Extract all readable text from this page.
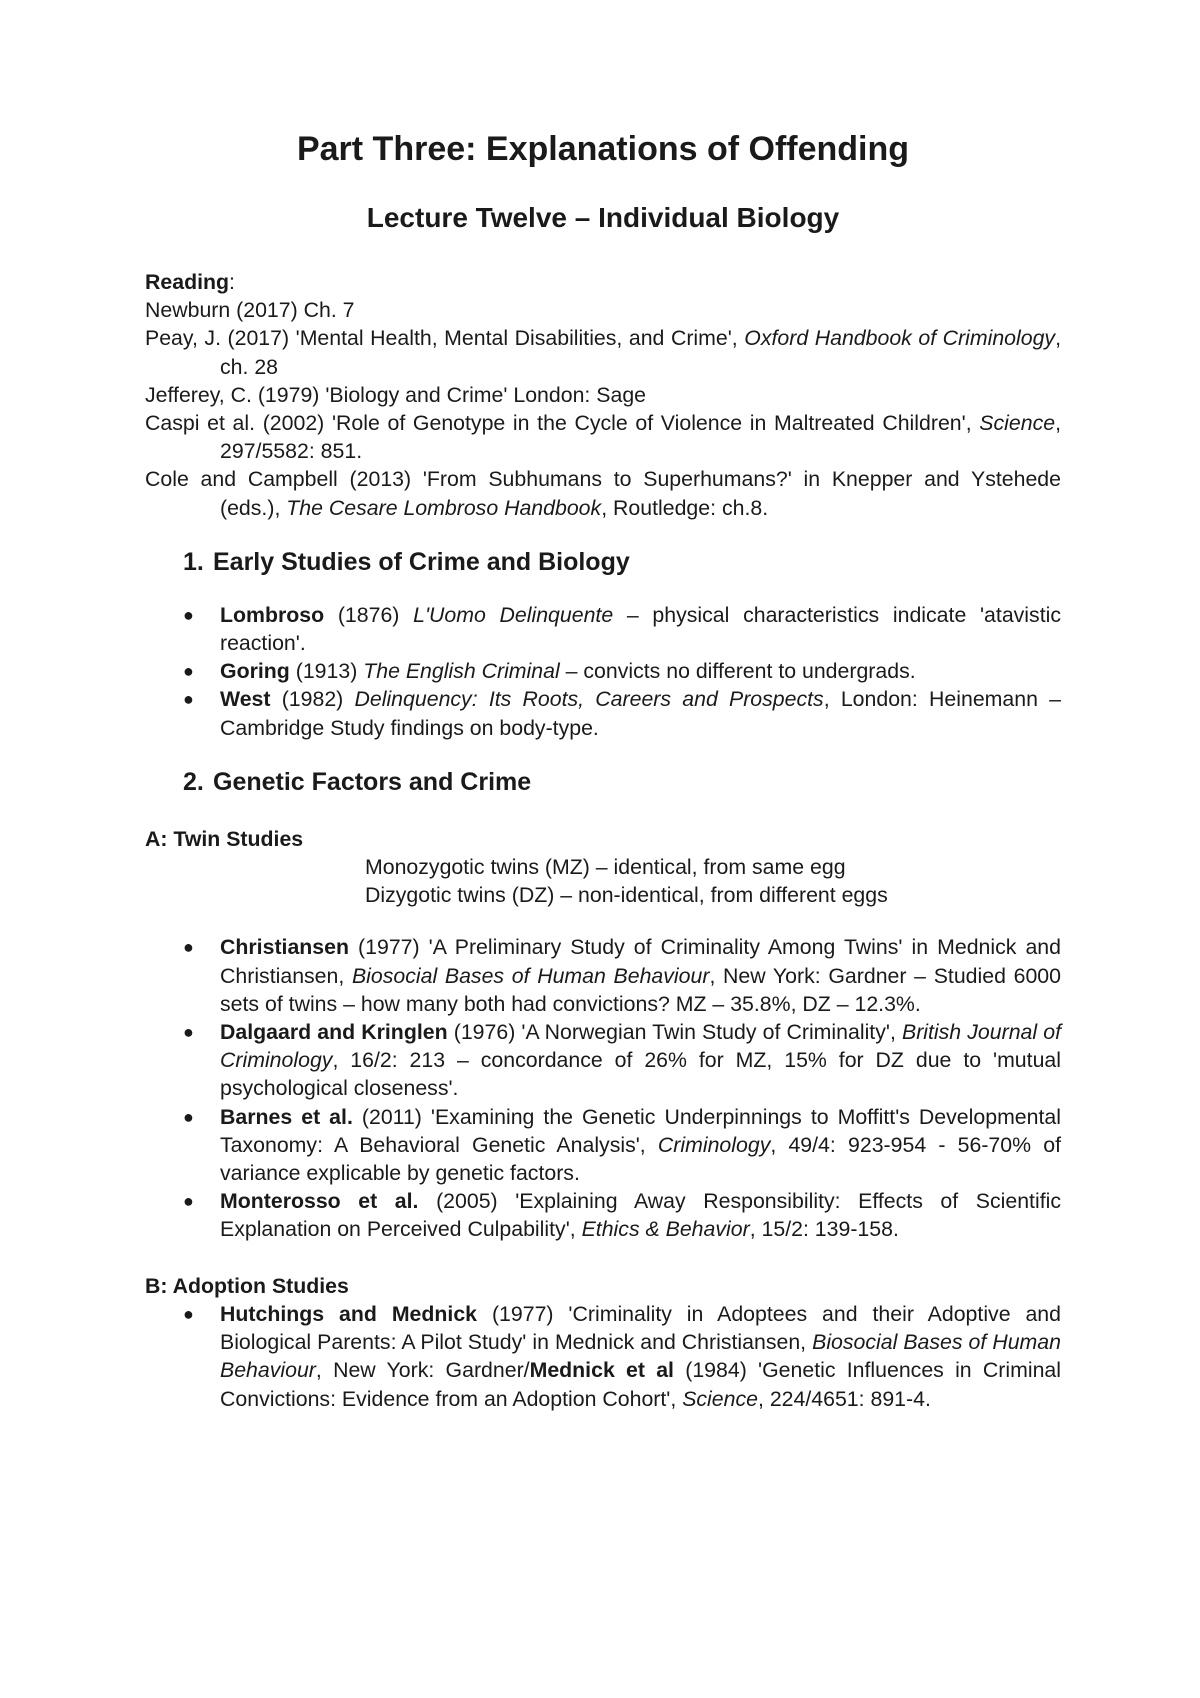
Part Three: Explanations of Offending
Lecture Twelve – Individual Biology
Reading:
Newburn (2017) Ch. 7
Peay, J. (2017) 'Mental Health, Mental Disabilities, and Crime', Oxford Handbook of Criminology, ch. 28
Jefferey, C. (1979) 'Biology and Crime' London: Sage
Caspi et al. (2002) 'Role of Genotype in the Cycle of Violence in Maltreated Children', Science, 297/5582: 851.
Cole and Campbell (2013) 'From Subhumans to Superhumans?' in Knepper and Ystehede (eds.), The Cesare Lombroso Handbook, Routledge: ch.8.
1. Early Studies of Crime and Biology
● Lombroso (1876) L'Uomo Delinquente – physical characteristics indicate 'atavistic reaction'.
● Goring (1913) The English Criminal – convicts no different to undergrads.
● West (1982) Delinquency: Its Roots, Careers and Prospects, London: Heinemann – Cambridge Study findings on body-type.
2. Genetic Factors and Crime
A: Twin Studies
Monozygotic twins (MZ) – identical, from same egg
Dizygotic twins (DZ) – non-identical, from different eggs
● Christiansen (1977) 'A Preliminary Study of Criminality Among Twins' in Mednick and Christiansen, Biosocial Bases of Human Behaviour, New York: Gardner – Studied 6000 sets of twins – how many both had convictions? MZ – 35.8%, DZ – 12.3%.
● Dalgaard and Kringlen (1976) 'A Norwegian Twin Study of Criminality', British Journal of Criminology, 16/2: 213 – concordance of 26% for MZ, 15% for DZ due to 'mutual psychological closeness'.
● Barnes et al. (2011) 'Examining the Genetic Underpinnings to Moffitt's Developmental Taxonomy: A Behavioral Genetic Analysis', Criminology, 49/4: 923-954 - 56-70% of variance explicable by genetic factors.
● Monterosso et al. (2005) 'Explaining Away Responsibility: Effects of Scientific Explanation on Perceived Culpability', Ethics & Behavior, 15/2: 139-158.
B: Adoption Studies
● Hutchings and Mednick (1977) 'Criminality in Adoptees and their Adoptive and Biological Parents: A Pilot Study' in Mednick and Christiansen, Biosocial Bases of Human Behaviour, New York: Gardner/Mednick et al (1984) 'Genetic Influences in Criminal Convictions: Evidence from an Adoption Cohort', Science, 224/4651: 891-4.
